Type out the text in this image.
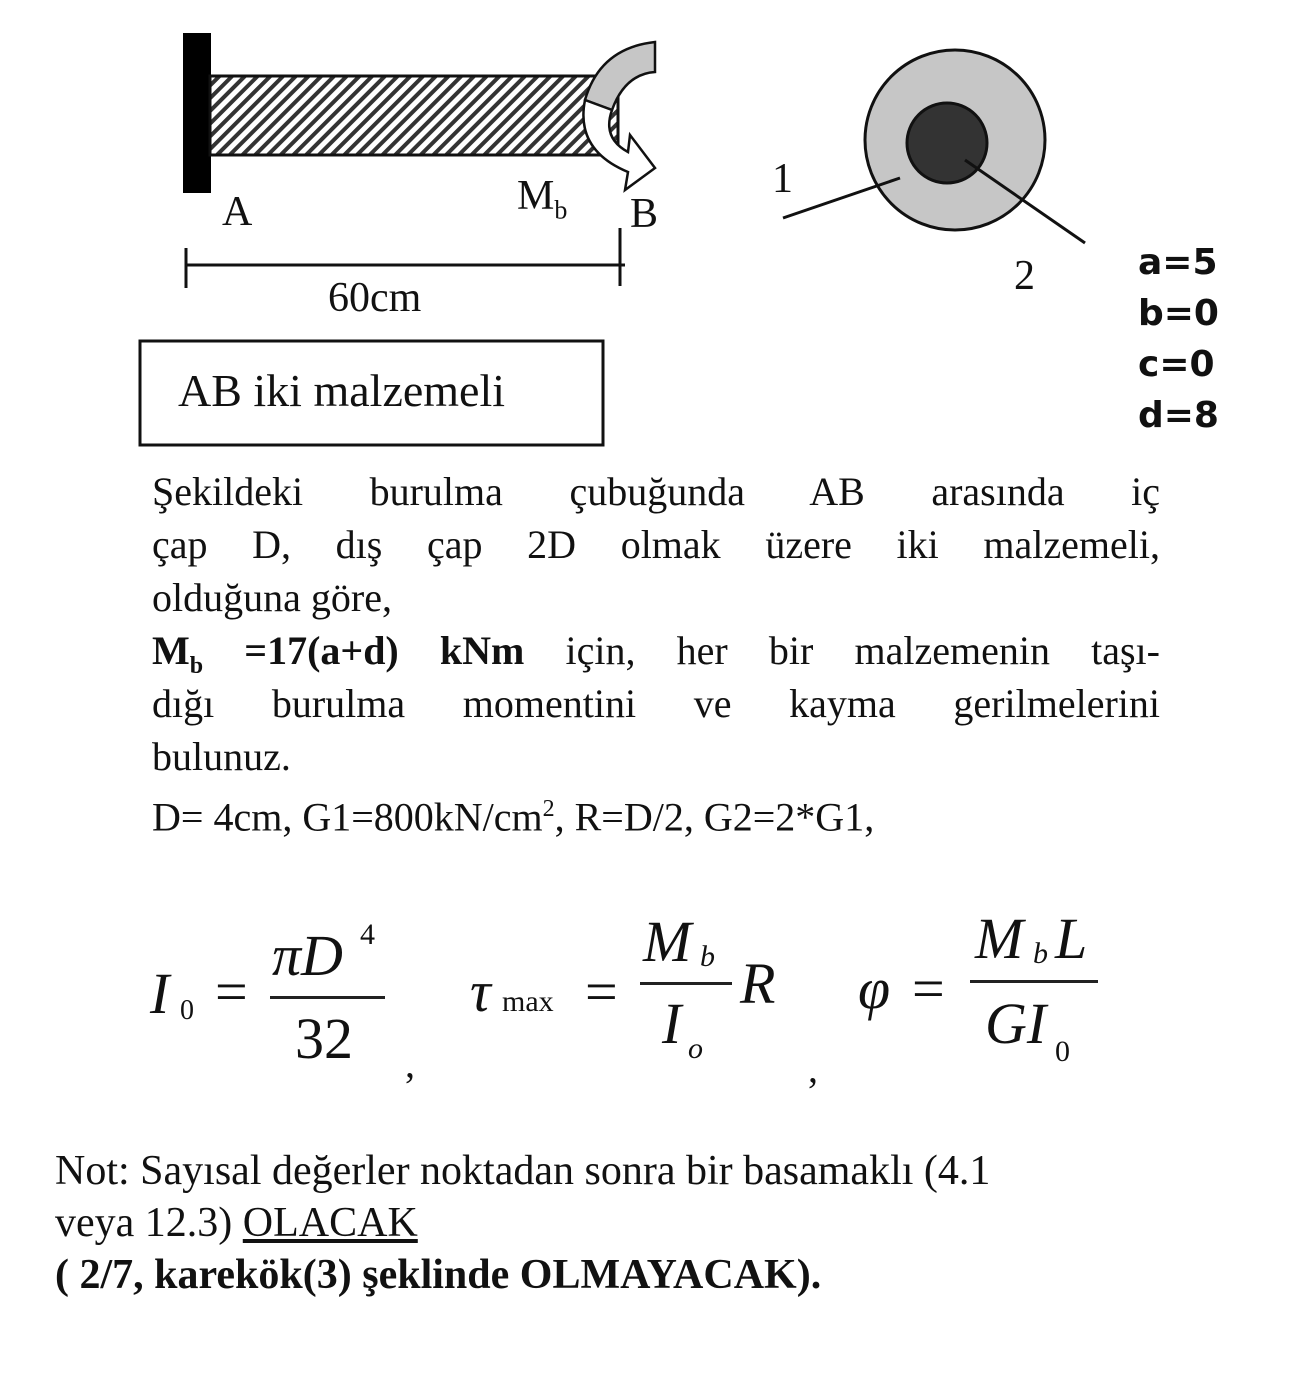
A	$M_b$ B
60cm
AB iki malzemeli
1
2	a=5
b=0
c=0
d=8
Şekildeki burulma çubuğunda AB arasında iç
çap D, dış çap 2D olmak üzere iki malzemeli,
olduğuna göre,
$M_b =17(a+d)$ kNm için, her bir malzemenin taşı-
dığı burulma momentini ve kayma gerilmelerini
bulunuz.
D= 4cm, $G1=800kN/cm^2$, R=D/2, G2=2*G1,
I 0 =
πD 4
32 ,
τ max =
M b
I o
R
,
φ =
M b L
GI 0
Not: Sayısal değerler noktadan sonra bir basamaklı (4.1
veya 12.3) OLACAK
( 2/7, karekök(3) şeklinde OLMAYACAK).
